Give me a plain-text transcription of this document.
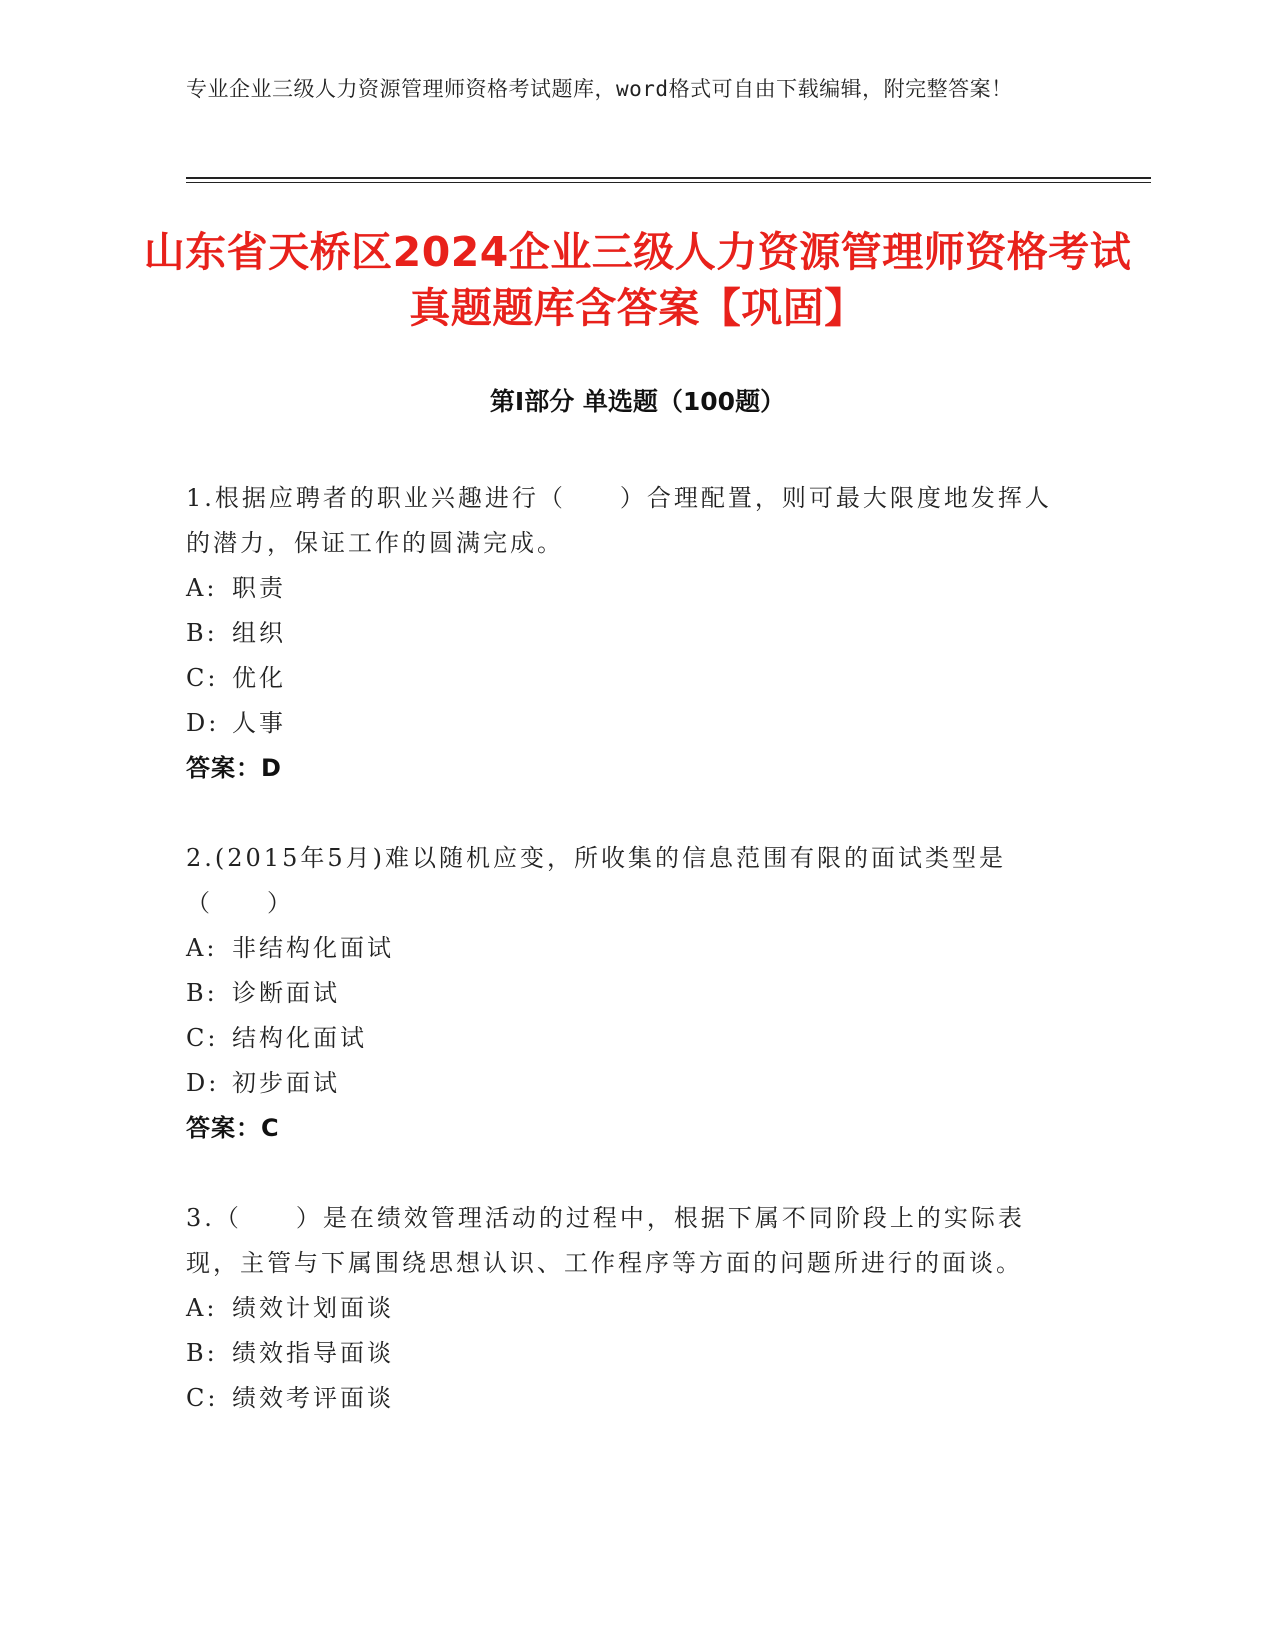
专业企业三级人力资源管理师资格考试题库，word格式可自由下载编辑，附完整答案！
山东省天桥区2024企业三级人力资源管理师资格考试真题题库含答案【巩固】
第I部分 单选题（100题）
1.根据应聘者的职业兴趣进行（　　）合理配置，则可最大限度地发挥人的潜力，保证工作的圆满完成。
A: 职责
B: 组织
C: 优化
D: 人事
答案：D
2.(2015年5月)难以随机应变，所收集的信息范围有限的面试类型是（　　）
A: 非结构化面试
B: 诊断面试
C: 结构化面试
D: 初步面试
答案：C
3.（　　）是在绩效管理活动的过程中，根据下属不同阶段上的实际表现，主管与下属围绕思想认识、工作程序等方面的问题所进行的面谈。
A: 绩效计划面谈
B: 绩效指导面谈
C: 绩效考评面谈
